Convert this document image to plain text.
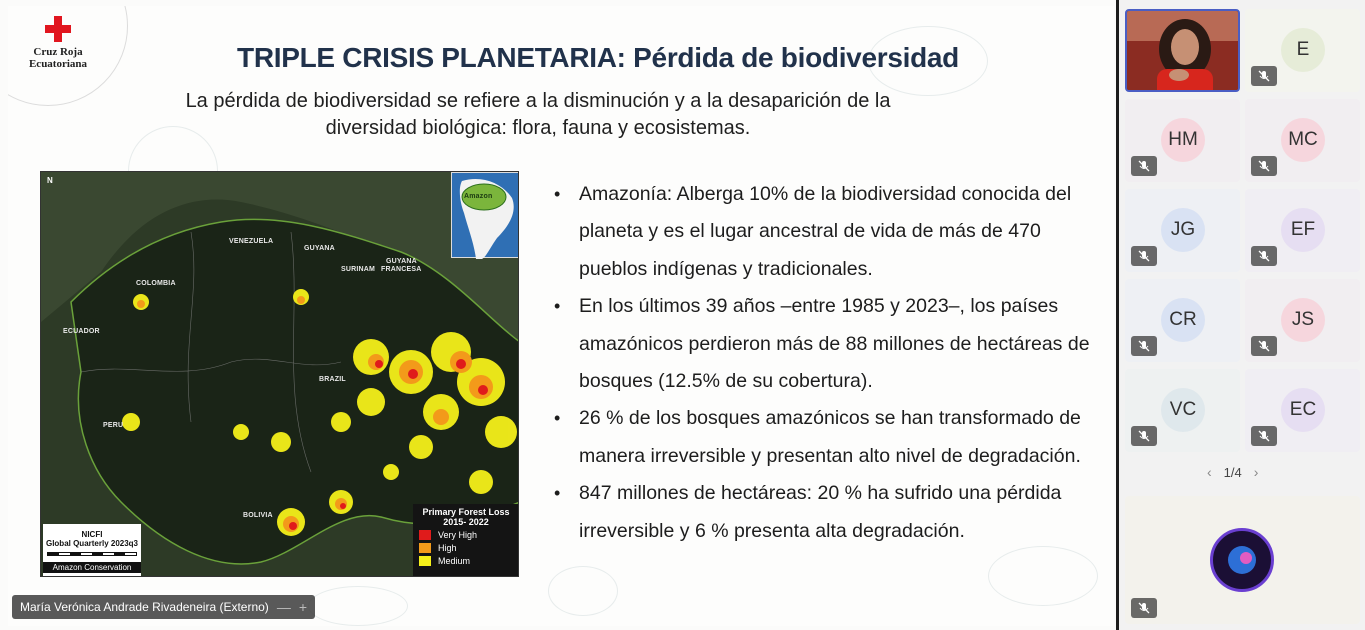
Cruz Roja
Ecuatoriana	TRIPLE CRISIS PLANETARIA: Pérdida de biodiversidad
La pérdida de biodiversidad se refiere a la disminución y a la desaparición de la
diversidad biológica: flora, fauna y ecosistemas.
N
VENEZUELA
GUYANA
SURINAM
GUYANA
FRANCESA
COLOMBIA
ECUADOR
BRAZIL
PERU
BOLIVIA
Amazon
Primary Forest Loss
2015- 2022
Very High
High
Medium
NICFI
Global Quarterly 2023q3
Amazon Conservation
• Amazonía: Alberga 10% de la biodiversidad conocida del planeta y es el lugar ancestral de vida de más de 470 pueblos indígenas y tradicionales.
• En los últimos 39 años –entre 1985 y 2023–, los países amazónicos perdieron más de 88 millones de hectáreas de bosques (12.5% de su cobertura).
• 26 % de los bosques amazónicos se han transformado de manera irreversible y presentan alto nivel de degradación.
• 847 millones de hectáreas: 20 % ha sufrido una pérdida irreversible y 6 % presenta alta degradación.
María Verónica Andrade Rivadeneira (Externo) — +
E
HM	MC
JG	EF
CR	JS
VC	EC
‹ 1/4 ›
